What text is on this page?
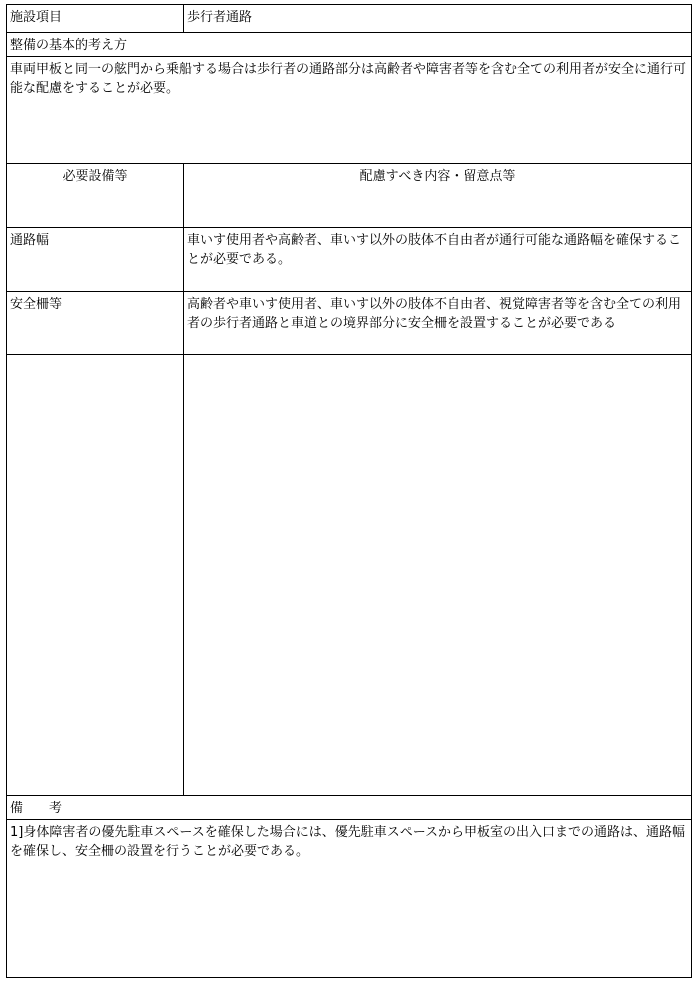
施設項目	歩行者通路
整備の基本的考え方
車両甲板と同一の舷門から乗船する場合は歩行者の通路部分は高齢者や障害者等を含む全ての利用者が安全に通行可能な配慮をすることが必要。
必要設備等	配慮すべき内容・留意点等
通路幅	車いす使用者や高齢者、車いす以外の肢体不自由者が通行可能な通路幅を確保することが必要である。
安全柵等	高齢者や車いす使用者、車いす以外の肢体不自由者、視覚障害者等を含む全ての利用者の歩行者通路と車道との境界部分に安全柵を設置することが必要である
備　　考
1]身体障害者の優先駐車スペースを確保した場合には、優先駐車スペースから甲板室の出入口までの通路は、通路幅を確保し、安全柵の設置を行うことが必要である。
